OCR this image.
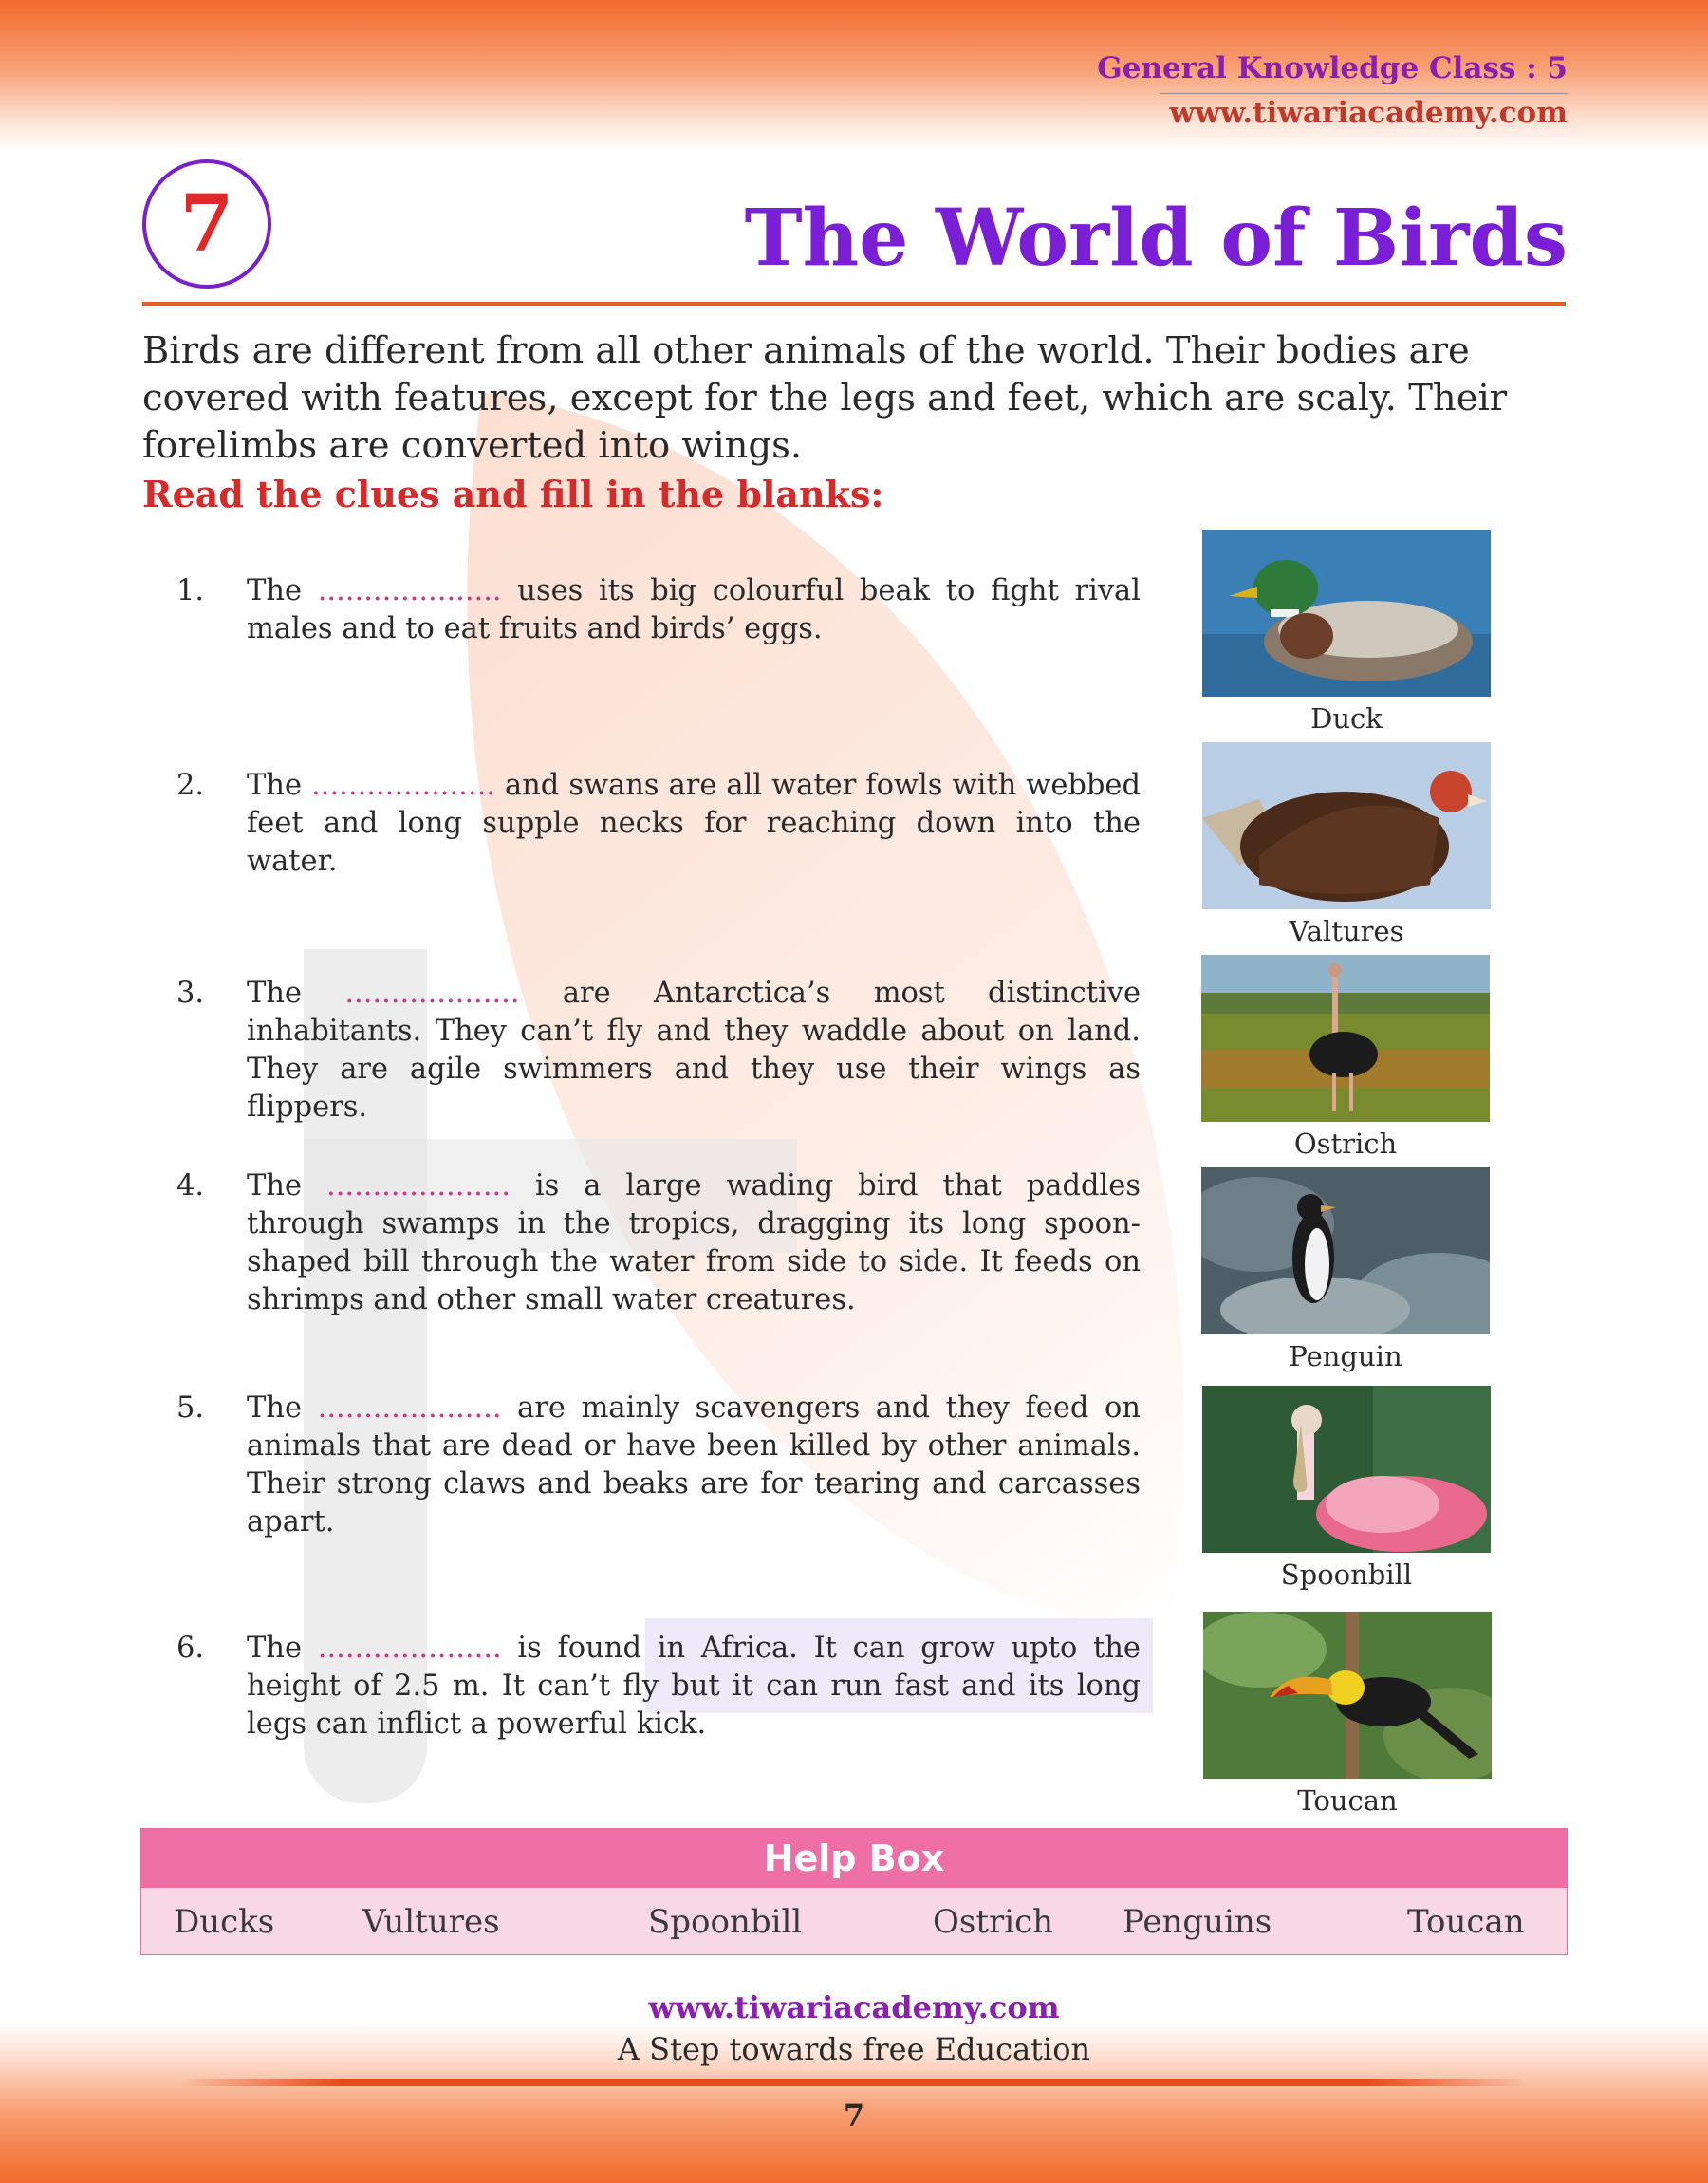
General Knowledge Class : 5
www.tiwariacademy.com
7	The World of Birds
Birds are different from all other animals of the world. Their bodies are covered with features, except for the legs and feet, which are scaly. Their forelimbs are converted into wings.
Read the clues and fill in the blanks:
1.	The .................... uses its big colourful beak to fight rival males and to eat fruits and birds’ eggs.
2.	The .................... and swans are all water fowls with webbed feet and long supple necks for reaching down into the water.
3.	The ................... are Antarctica’s most distinctive inhabitants. They can’t fly and they waddle about on land. They are agile swimmers and they use their wings as flippers.
4.	The .................... is a large wading bird that paddles through swamps in the tropics, dragging its long spoon-shaped bill through the water from side to side. It feeds on shrimps and other small water creatures.
5.	The .................... are mainly scavengers and they feed on animals that are dead or have been killed by other animals. Their strong claws and beaks are for tearing and carcasses apart.
6.	The .................... is found in Africa. It can grow upto the height of 2.5 m. It can’t fly but it can run fast and its long legs can inflict a powerful kick.
Duck
Valtures
Ostrich
Penguin
Spoonbill
Toucan
Help Box
Ducks	Vultures	Spoonbill	Ostrich Penguins	Toucan
www.tiwariacademy.com
A Step towards free Education
7
